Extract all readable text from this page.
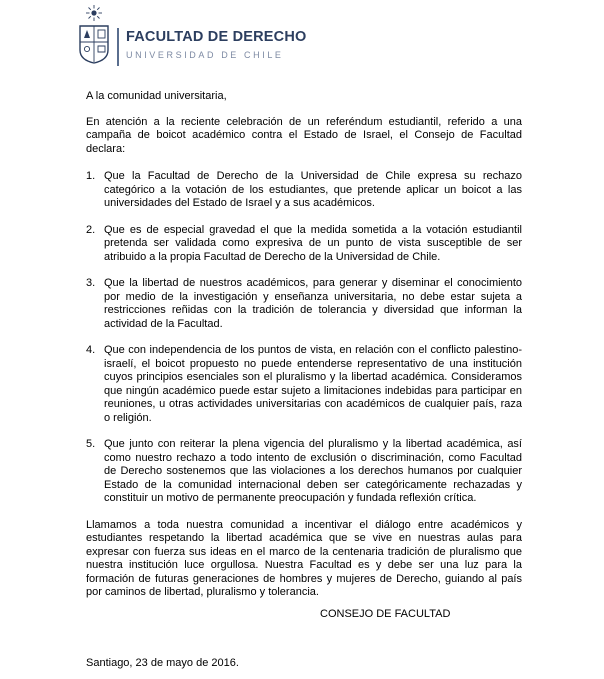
FACULTAD DE DERECHO
UNIVERSIDAD DE CHILE

A la comunidad universitaria,

En atención a la reciente celebración de un referéndum estudiantil, referido a una campaña de boicot académico contra el Estado de Israel, el Consejo de Facultad declara:

1. Que la Facultad de Derecho de la Universidad de Chile expresa su rechazo categórico a la votación de los estudiantes, que pretende aplicar un boicot a las universidades del Estado de Israel y a sus académicos.
2. Que es de especial gravedad el que la medida sometida a la votación estudiantil pretenda ser validada como expresiva de un punto de vista susceptible de ser atribuido a la propia Facultad de Derecho de la Universidad de Chile.
3. Que la libertad de nuestros académicos, para generar y diseminar el conocimiento por medio de la investigación y enseñanza universitaria, no debe estar sujeta a restricciones reñidas con la tradición de tolerancia y diversidad que informan la actividad de la Facultad.
4. Que con independencia de los puntos de vista, en relación con el conflicto palestino-israelí, el boicot propuesto no puede entenderse representativo de una institución cuyos principios esenciales son el pluralismo y la libertad académica. Consideramos que ningún académico puede estar sujeto a limitaciones indebidas para participar en reuniones, u otras actividades universitarias con académicos de cualquier país, raza o religión.
5. Que junto con reiterar la plena vigencia del pluralismo y la libertad académica, así como nuestro rechazo a todo intento de exclusión o discriminación, como Facultad de Derecho sostenemos que las violaciones a los derechos humanos por cualquier Estado de la comunidad internacional deben ser categóricamente rechazadas y constituir un motivo de permanente preocupación y fundada reflexión crítica.

Llamamos a toda nuestra comunidad a incentivar el diálogo entre académicos y estudiantes respetando la libertad académica que se vive en nuestras aulas para expresar con fuerza sus ideas en el marco de la centenaria tradición de pluralismo que nuestra institución luce orgullosa. Nuestra Facultad es y debe ser una luz para la formación de futuras generaciones de hombres y mujeres de Derecho, guiando al país por caminos de libertad, pluralismo y tolerancia.

CONSEJO DE FACULTAD
Santiago, 23 de mayo de 2016.
